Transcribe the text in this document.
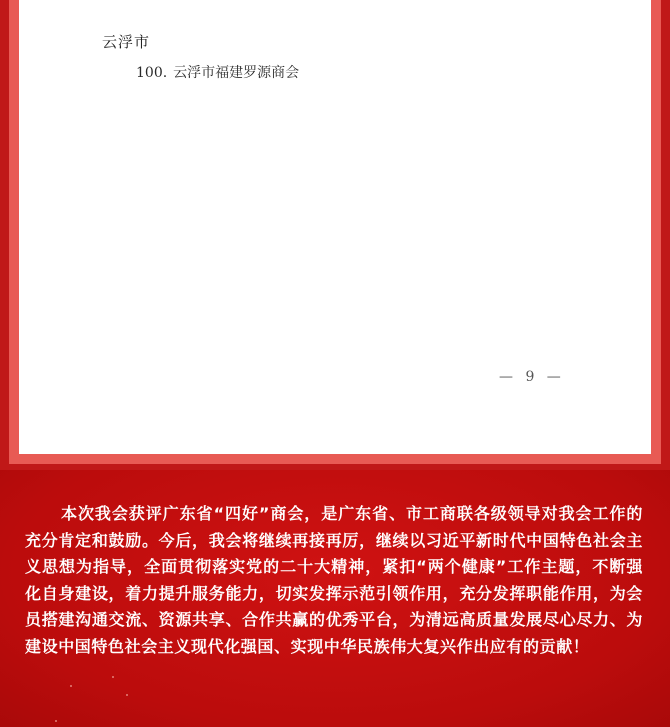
云浮市
100. 云浮市福建罗源商会
— 9 —
本次我会获评广东省“四好”商会，是广东省、市工商联各级领导对我会工作的充分肯定和鼓励。今后，我会将继续再接再厉，继续以习近平新时代中国特色社会主义思想为指导，全面贯彻落实党的二十大精神，紧扣“两个健康”工作主题，不断强化自身建设，着力提升服务能力，切实发挥示范引领作用，充分发挥职能作用，为会员搭建沟通交流、资源共享、合作共赢的优秀平台，为清远高质量发展尽心尽力、为建设中国特色社会主义现代化强国、实现中华民族伟大复兴作出应有的贡献！
